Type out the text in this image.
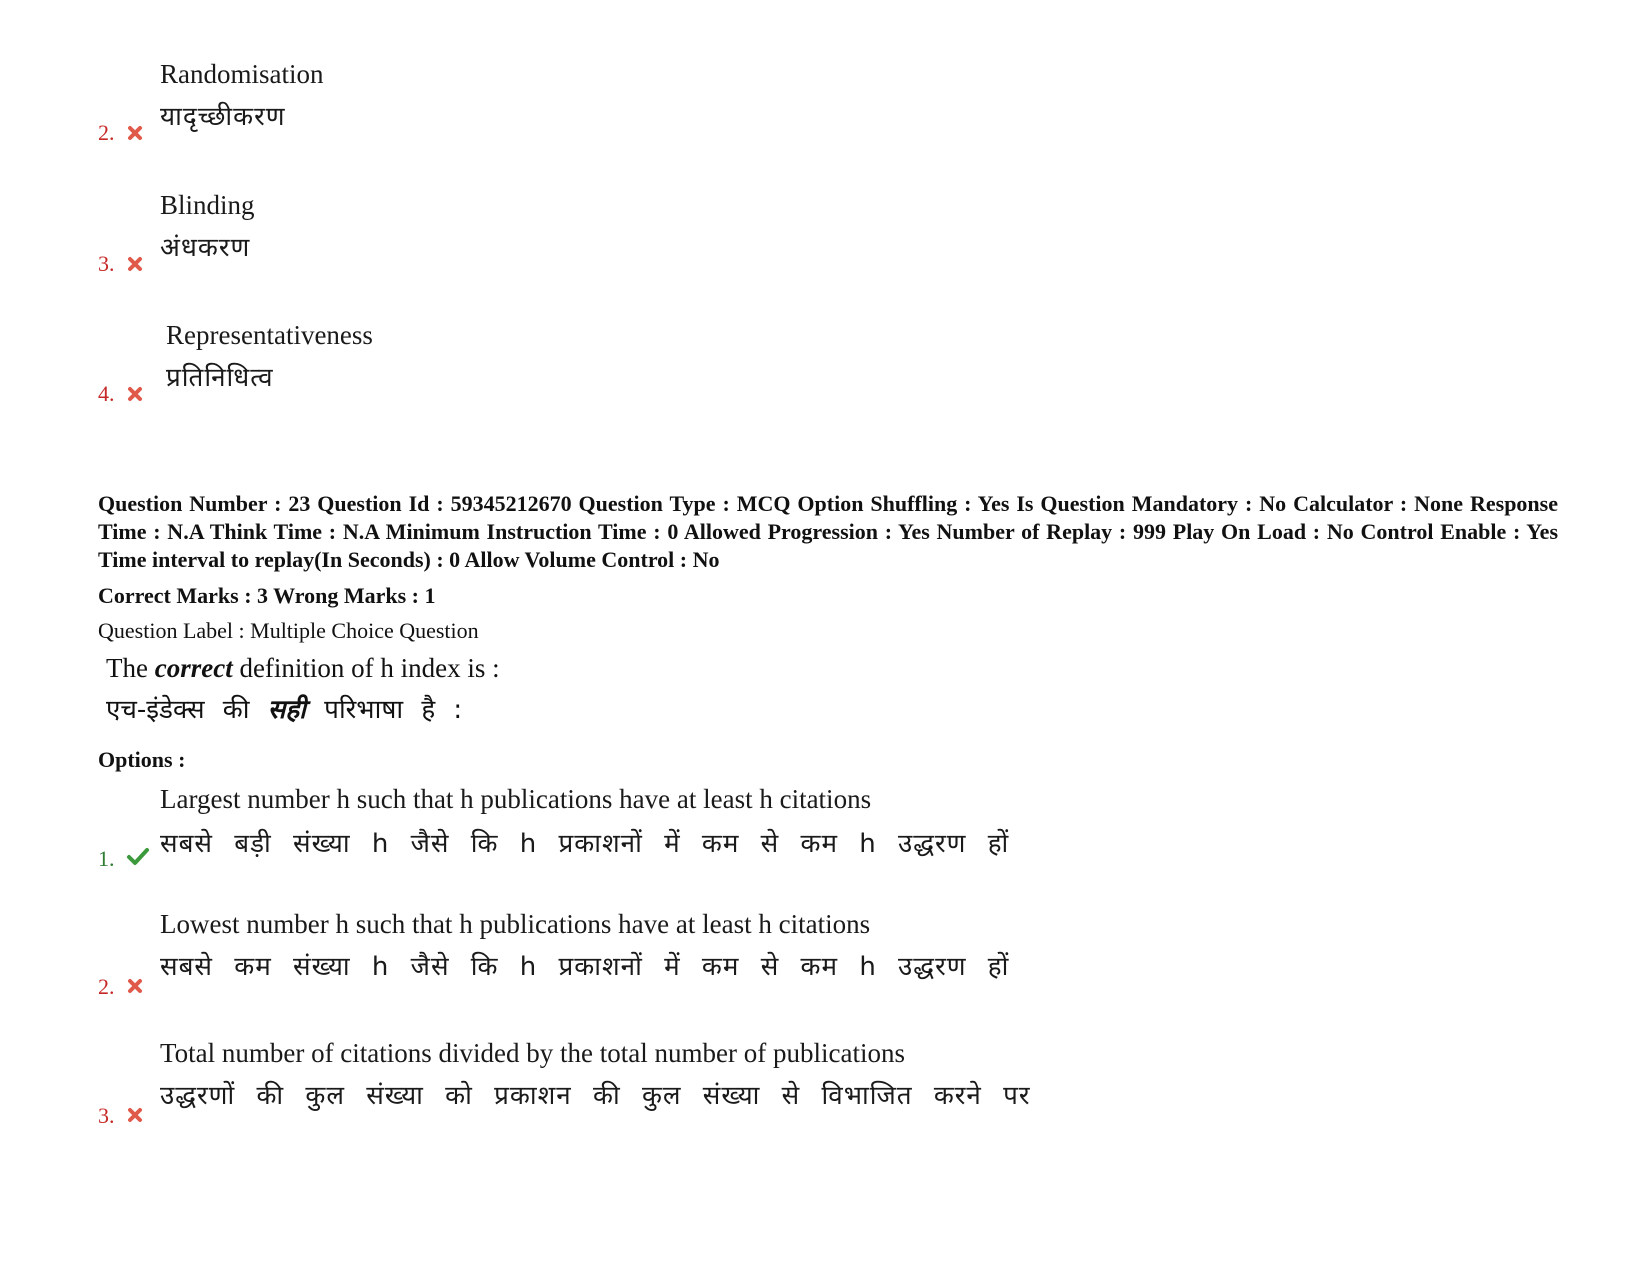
Randomisation
यादृच्छीकरण
2.
Blinding
अंधकरण
3.
Representativeness
प्रतिनिधित्व
4.
Question Number : 23 Question Id : 59345212670 Question Type : MCQ Option Shuffling : Yes Is Question Mandatory : No Calculator : None Response Time : N.A Think Time : N.A Minimum Instruction Time : 0 Allowed Progression : Yes Number of Replay : 999 Play On Load : No Control Enable : Yes Time interval to replay(In Seconds) : 0 Allow Volume Control : No
Correct Marks : 3 Wrong Marks : 1
Question Label : Multiple Choice Question
The correct definition of h index is :
एच-इंडेक्स की सही परिभाषा है :
Options :
Largest number h such that h publications have at least h citations
सबसे बड़ी संख्या h जैसे कि h प्रकाशनों में कम से कम h उद्धरण हों
1.
Lowest number h such that h publications have at least h citations
सबसे कम संख्या h जैसे कि h प्रकाशनों में कम से कम h उद्धरण हों
2.
Total number of citations divided by the total number of publications
उद्धरणों की कुल संख्या को प्रकाशन की कुल संख्या से विभाजित करने पर
3.
